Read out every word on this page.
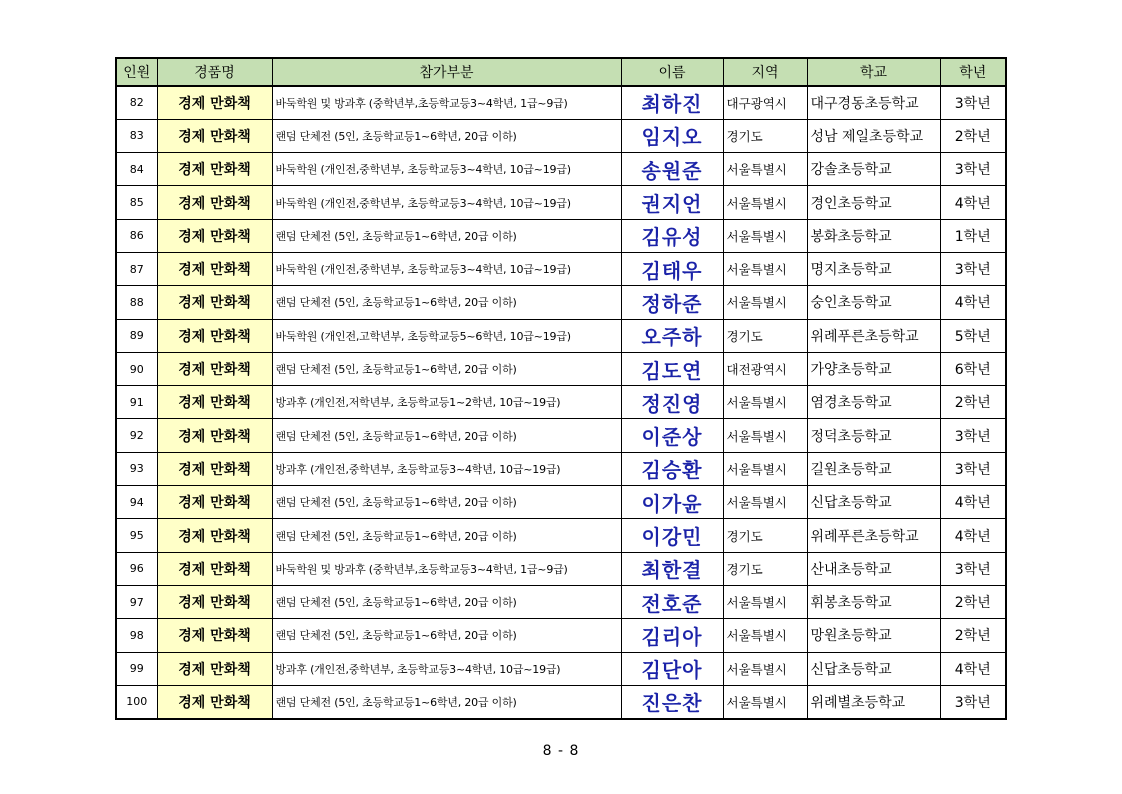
인원	경품명	참가부분	이름	지역	학교	학년
82	경제 만화책	바둑학원 및 방과후 (중학년부,초등학교등3~4학년, 1급~9급)	최하진	대구광역시	대구경동초등학교	3학년
83	경제 만화책	랜덤 단체전 (5인, 초등학교등1~6학년, 20급 이하)	임지오	경기도	성남 제일초등학교	2학년
84	경제 만화책	바둑학원 (개인전,중학년부, 초등학교등3~4학년, 10급~19급)	송원준	서울특별시	강솔초등학교	3학년
85	경제 만화책	바둑학원 (개인전,중학년부, 초등학교등3~4학년, 10급~19급)	권지언	서울특별시	경인초등학교	4학년
86	경제 만화책	랜덤 단체전 (5인, 초등학교등1~6학년, 20급 이하)	김유성	서울특별시	봉화초등학교	1학년
87	경제 만화책	바둑학원 (개인전,중학년부, 초등학교등3~4학년, 10급~19급)	김태우	서울특별시	명지초등학교	3학년
88	경제 만화책	랜덤 단체전 (5인, 초등학교등1~6학년, 20급 이하)	정하준	서울특별시	숭인초등학교	4학년
89	경제 만화책	바둑학원 (개인전,고학년부, 초등학교등5~6학년, 10급~19급)	오주하	경기도	위례푸른초등학교	5학년
90	경제 만화책	랜덤 단체전 (5인, 초등학교등1~6학년, 20급 이하)	김도연	대전광역시	가양초등학교	6학년
91	경제 만화책	방과후 (개인전,저학년부, 초등학교등1~2학년, 10급~19급)	정진영	서울특별시	염경초등학교	2학년
92	경제 만화책	랜덤 단체전 (5인, 초등학교등1~6학년, 20급 이하)	이준상	서울특별시	정덕초등학교	3학년
93	경제 만화책	방과후 (개인전,중학년부, 초등학교등3~4학년, 10급~19급)	김승환	서울특별시	길원초등학교	3학년
94	경제 만화책	랜덤 단체전 (5인, 초등학교등1~6학년, 20급 이하)	이가윤	서울특별시	신답초등학교	4학년
95	경제 만화책	랜덤 단체전 (5인, 초등학교등1~6학년, 20급 이하)	이강민	경기도	위례푸른초등학교	4학년
96	경제 만화책	바둑학원 및 방과후 (중학년부,초등학교등3~4학년, 1급~9급)	최한결	경기도	산내초등학교	3학년
97	경제 만화책	랜덤 단체전 (5인, 초등학교등1~6학년, 20급 이하)	전호준	서울특별시	휘봉초등학교	2학년
98	경제 만화책	랜덤 단체전 (5인, 초등학교등1~6학년, 20급 이하)	김리아	서울특별시	망원초등학교	2학년
99	경제 만화책	방과후 (개인전,중학년부, 초등학교등3~4학년, 10급~19급)	김단아	서울특별시	신답초등학교	4학년
100	경제 만화책	랜덤 단체전 (5인, 초등학교등1~6학년, 20급 이하)	진은찬	서울특별시	위례별초등학교	3학년
8 - 8
